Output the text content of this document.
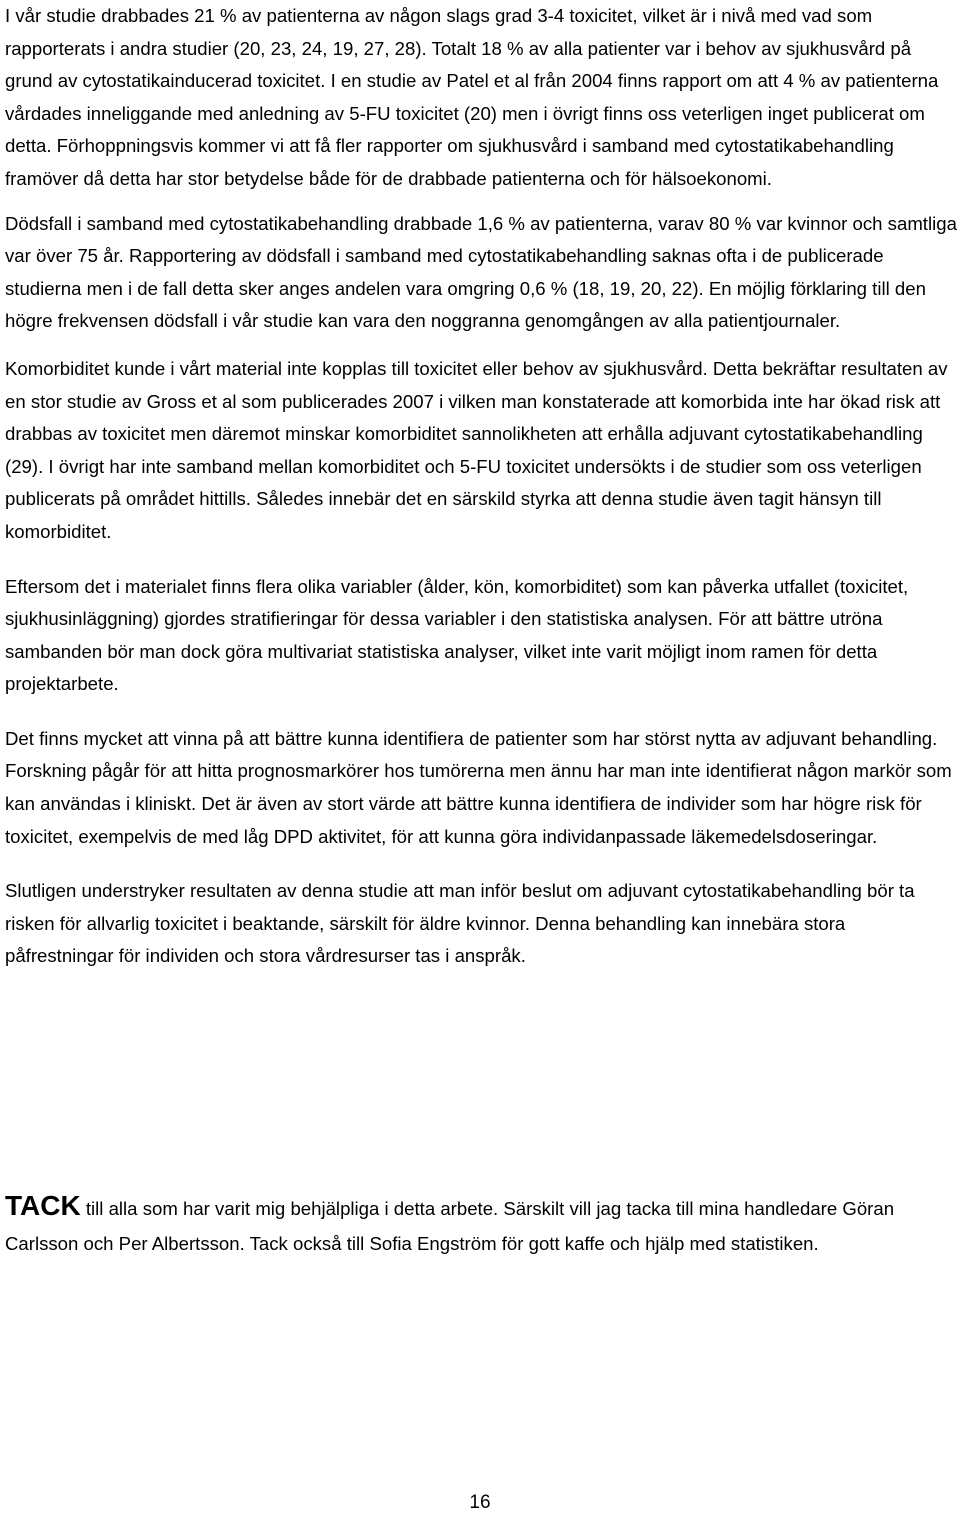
I vår studie drabbades 21 % av patienterna av någon slags grad 3-4 toxicitet, vilket är i nivå med vad som rapporterats i andra studier (20, 23, 24, 19, 27, 28). Totalt 18 % av alla patienter var i behov av sjukhusvård på grund av cytostatikainducerad toxicitet. I en studie av Patel et al från 2004 finns rapport om att 4 % av patienterna vårdades inneliggande med anledning av 5-FU toxicitet (20) men i övrigt finns oss veterligen inget publicerat om detta. Förhoppningsvis kommer vi att få fler rapporter om sjukhusvård i samband med cytostatikabehandling framöver då detta har stor betydelse både för de drabbade patienterna och för hälsoekonomi.

Dödsfall i samband med cytostatikabehandling drabbade 1,6 % av patienterna, varav 80 % var kvinnor och samtliga var över 75 år. Rapportering av dödsfall i samband med cytostatikabehandling saknas ofta i de publicerade studierna men i de fall detta sker anges andelen vara omgring 0,6 % (18, 19, 20, 22). En möjlig förklaring till den högre frekvensen dödsfall i vår studie kan vara den noggranna genomgången av alla patientjournaler.

Komorbiditet kunde i vårt material inte kopplas till toxicitet eller behov av sjukhusvård. Detta bekräftar resultaten av en stor studie av Gross et al som publicerades 2007 i vilken man konstaterade att komorbida inte har ökad risk att drabbas av toxicitet men däremot minskar komorbiditet sannolikheten att erhålla adjuvant cytostatikabehandling (29). I övrigt har inte samband mellan komorbiditet och 5-FU toxicitet undersökts i de studier som oss veterligen publicerats på området hittills. Således innebär det en särskild styrka att denna studie även tagit hänsyn till komorbiditet.

Eftersom det i materialet finns flera olika variabler (ålder, kön, komorbiditet) som kan påverka utfallet (toxicitet, sjukhusinläggning) gjordes stratifieringar för dessa variabler i den statistiska analysen. För att bättre utröna sambanden bör man dock göra multivariat statistiska analyser, vilket inte varit möjligt inom ramen för detta projektarbete.

Det finns mycket att vinna på att bättre kunna identifiera de patienter som har störst nytta av adjuvant behandling. Forskning pågår för att hitta prognosmarkörer hos tumörerna men ännu har man inte identifierat någon markör som kan användas i kliniskt. Det är även av stort värde att bättre kunna identifiera de individer som har högre risk för toxicitet, exempelvis de med låg DPD aktivitet, för att kunna göra individanpassade läkemedelsdoseringar.

Slutligen understryker resultaten av denna studie att man inför beslut om adjuvant cytostatikabehandling bör ta risken för allvarlig toxicitet i beaktande, särskilt för äldre kvinnor. Denna behandling kan innebära stora påfrestningar för individen och stora vårdresurser tas i anspråk.

TACK till alla som har varit mig behjälpliga i detta arbete. Särskilt vill jag tacka till mina handledare Göran Carlsson och Per Albertsson. Tack också till Sofia Engström för gott kaffe och hjälp med statistiken.

16
